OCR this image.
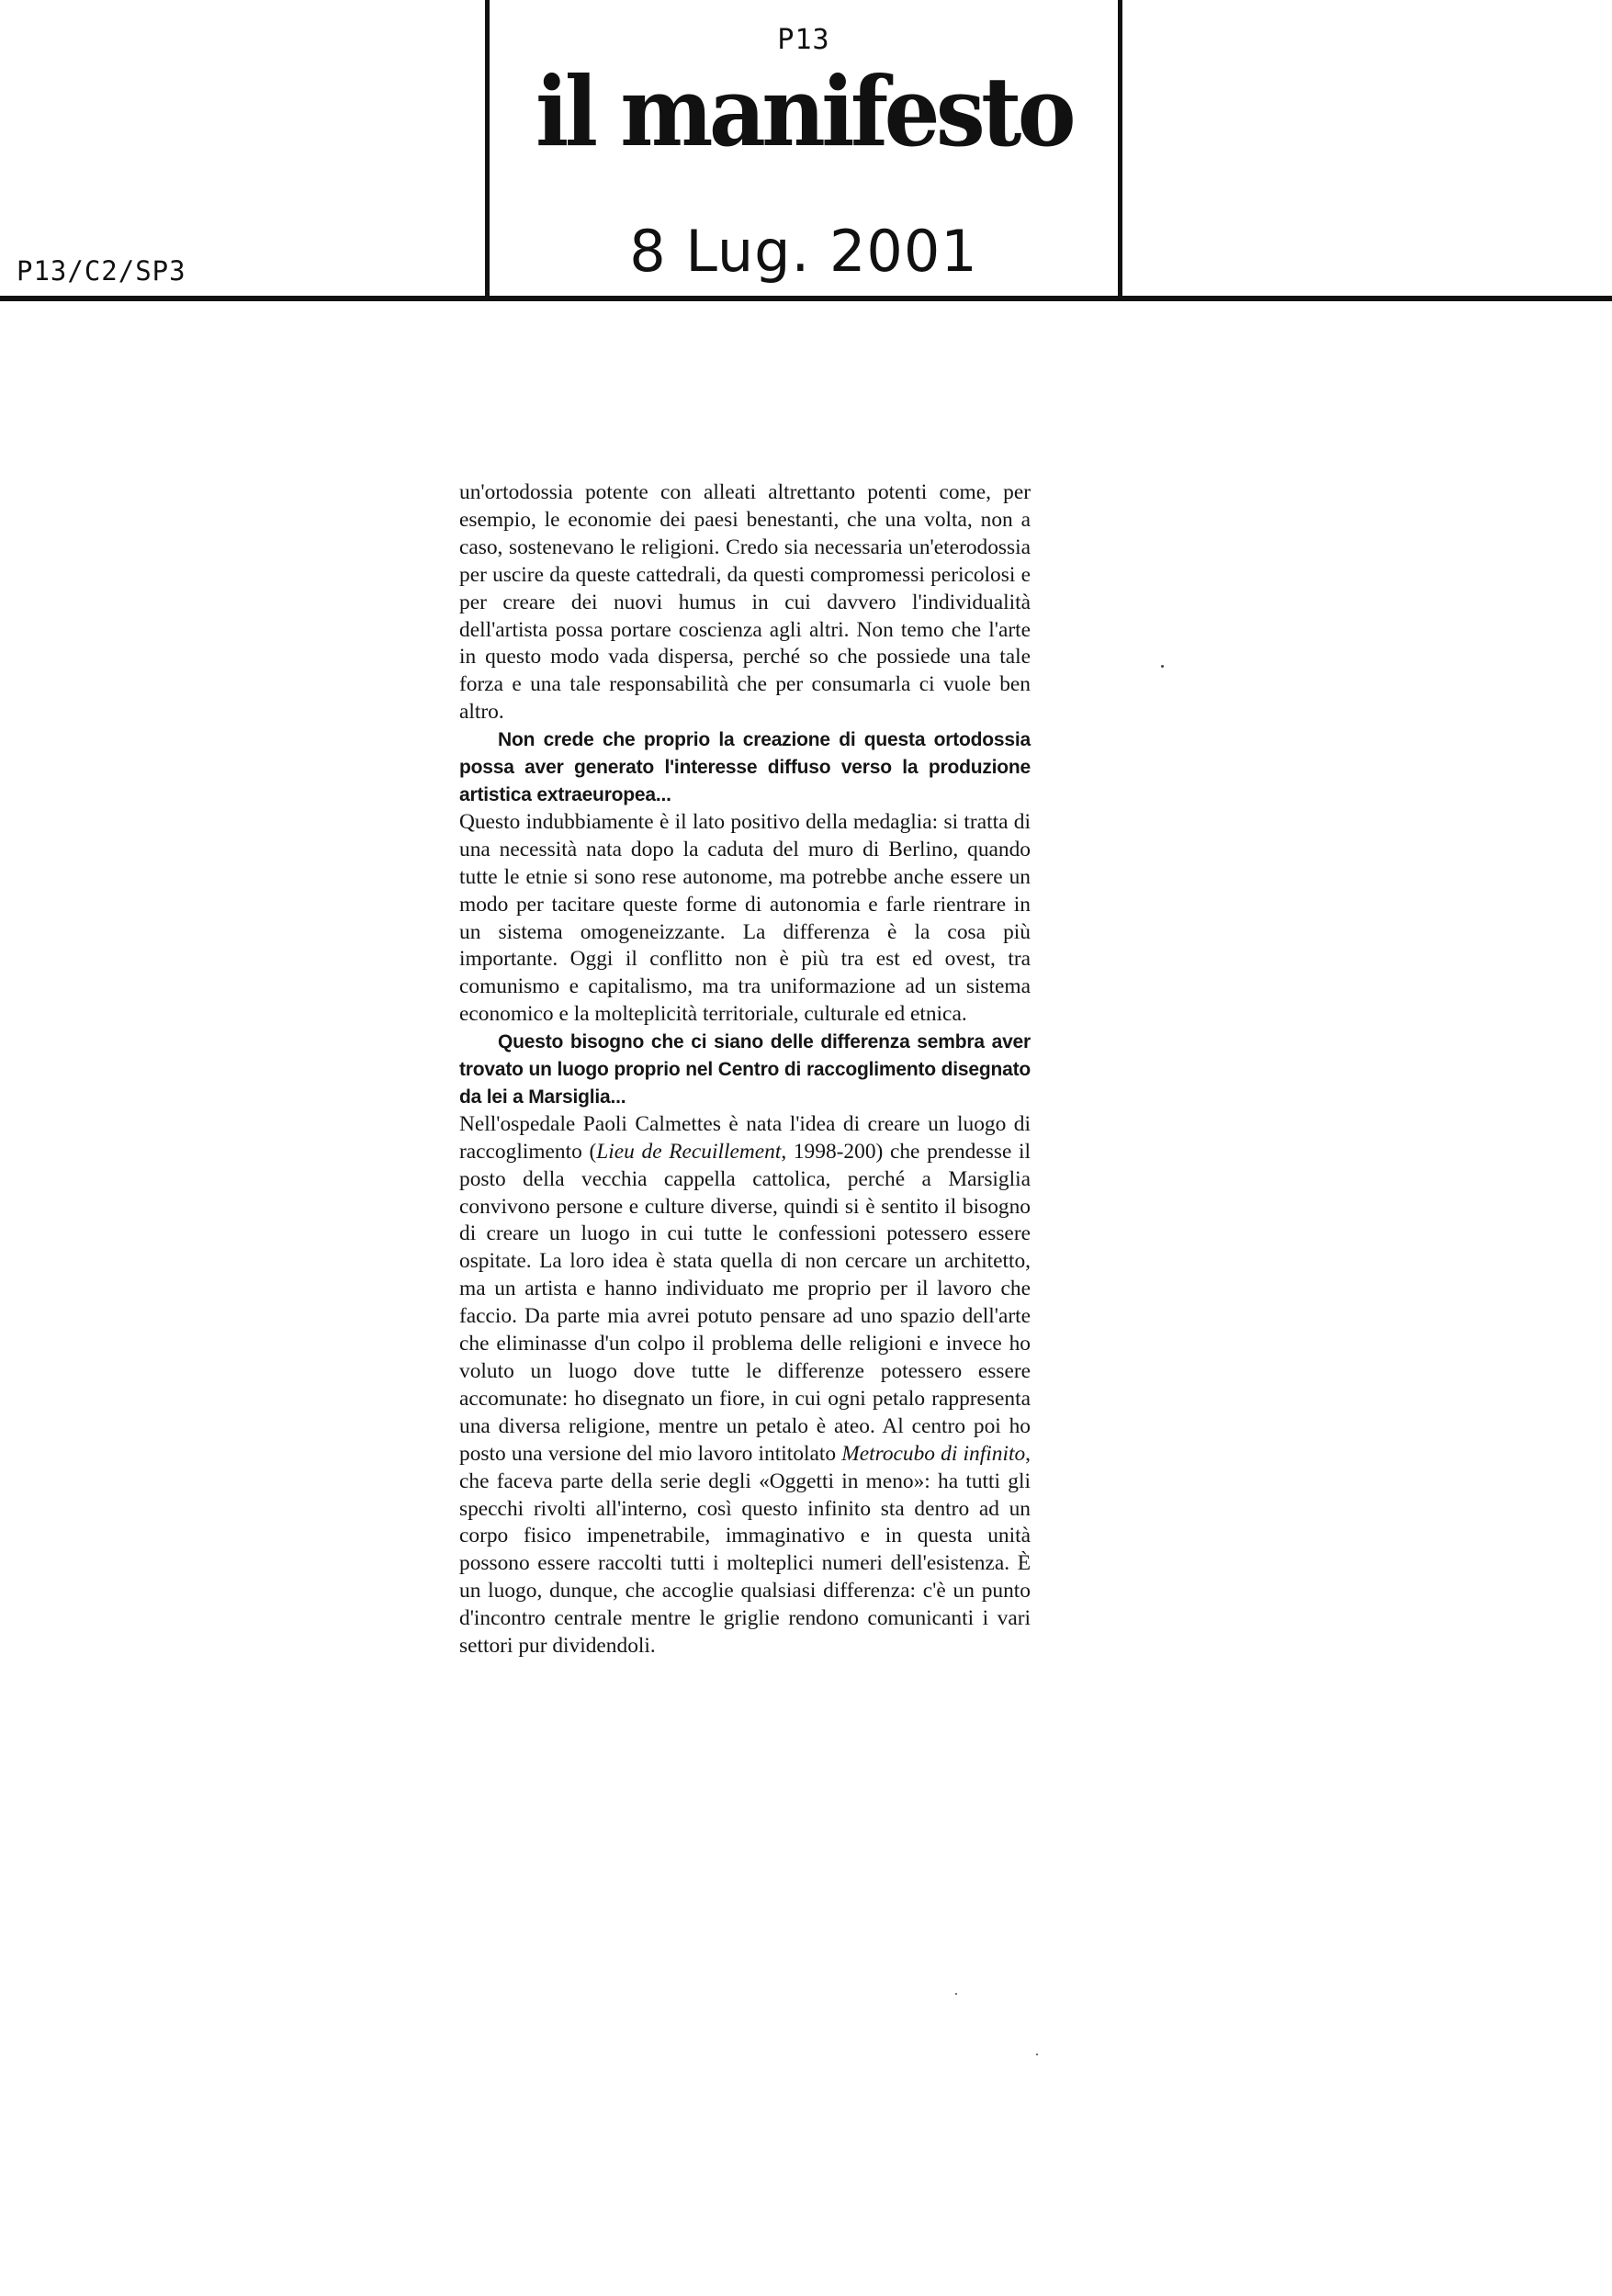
P13
il manifesto
8 Lug. 2001
P13/C2/SP3

un'ortodossia potente con alleati altrettanto potenti come, per esempio, le economie dei paesi benestanti, che una volta, non a caso, sostenevano le religioni. Credo sia necessaria un'eterodossia per uscire da queste cattedrali, da questi compromessi pericolosi e per creare dei nuovi humus in cui davvero l'individualità dell'artista possa portare coscienza agli altri. Non temo che l'arte in questo modo vada dispersa, perché so che possiede una tale forza e una tale responsabilità che per consumarla ci vuole ben altro.

Non crede che proprio la creazione di questa ortodossia possa aver generato l'interesse diffuso verso la produzione artistica extraeuropea...

Questo indubbiamente è il lato positivo della medaglia: si tratta di una necessità nata dopo la caduta del muro di Berlino, quando tutte le etnie si sono rese autonome, ma potrebbe anche essere un modo per tacitare queste forme di autonomia e farle rientrare in un sistema omogeneizzante. La differenza è la cosa più importante. Oggi il conflitto non è più tra est ed ovest, tra comunismo e capitalismo, ma tra uniformazione ad un sistema economico e la molteplicità territoriale, culturale ed etnica.

Questo bisogno che ci siano delle differenza sembra aver trovato un luogo proprio nel Centro di raccoglimento disegnato da lei a Marsiglia...

Nell'ospedale Paoli Calmettes è nata l'idea di creare un luogo di raccoglimento (Lieu de Recuillement, 1998-200) che prendesse il posto della vecchia cappella cattolica, perché a Marsiglia convivono persone e culture diverse, quindi si è sentito il bisogno di creare un luogo in cui tutte le confessioni potessero essere ospitate. La loro idea è stata quella di non cercare un architetto, ma un artista e hanno individuato me proprio per il lavoro che faccio. Da parte mia avrei potuto pensare ad uno spazio dell'arte che eliminasse d'un colpo il problema delle religioni e invece ho voluto un luogo dove tutte le differenze potessero essere accomunate: ho disegnato un fiore, in cui ogni petalo rappresenta una diversa religione, mentre un petalo è ateo. Al centro poi ho posto una versione del mio lavoro intitolato Metrocubo di infinito, che faceva parte della serie degli «Oggetti in meno»: ha tutti gli specchi rivolti all'interno, così questo infinito sta dentro ad un corpo fisico impenetrabile, immaginativo e in questa unità possono essere raccolti tutti i molteplici numeri dell'esistenza. È un luogo, dunque, che accoglie qualsiasi differenza: c'è un punto d'incontro centrale mentre le griglie rendono comunicanti i vari settori pur dividendoli.
